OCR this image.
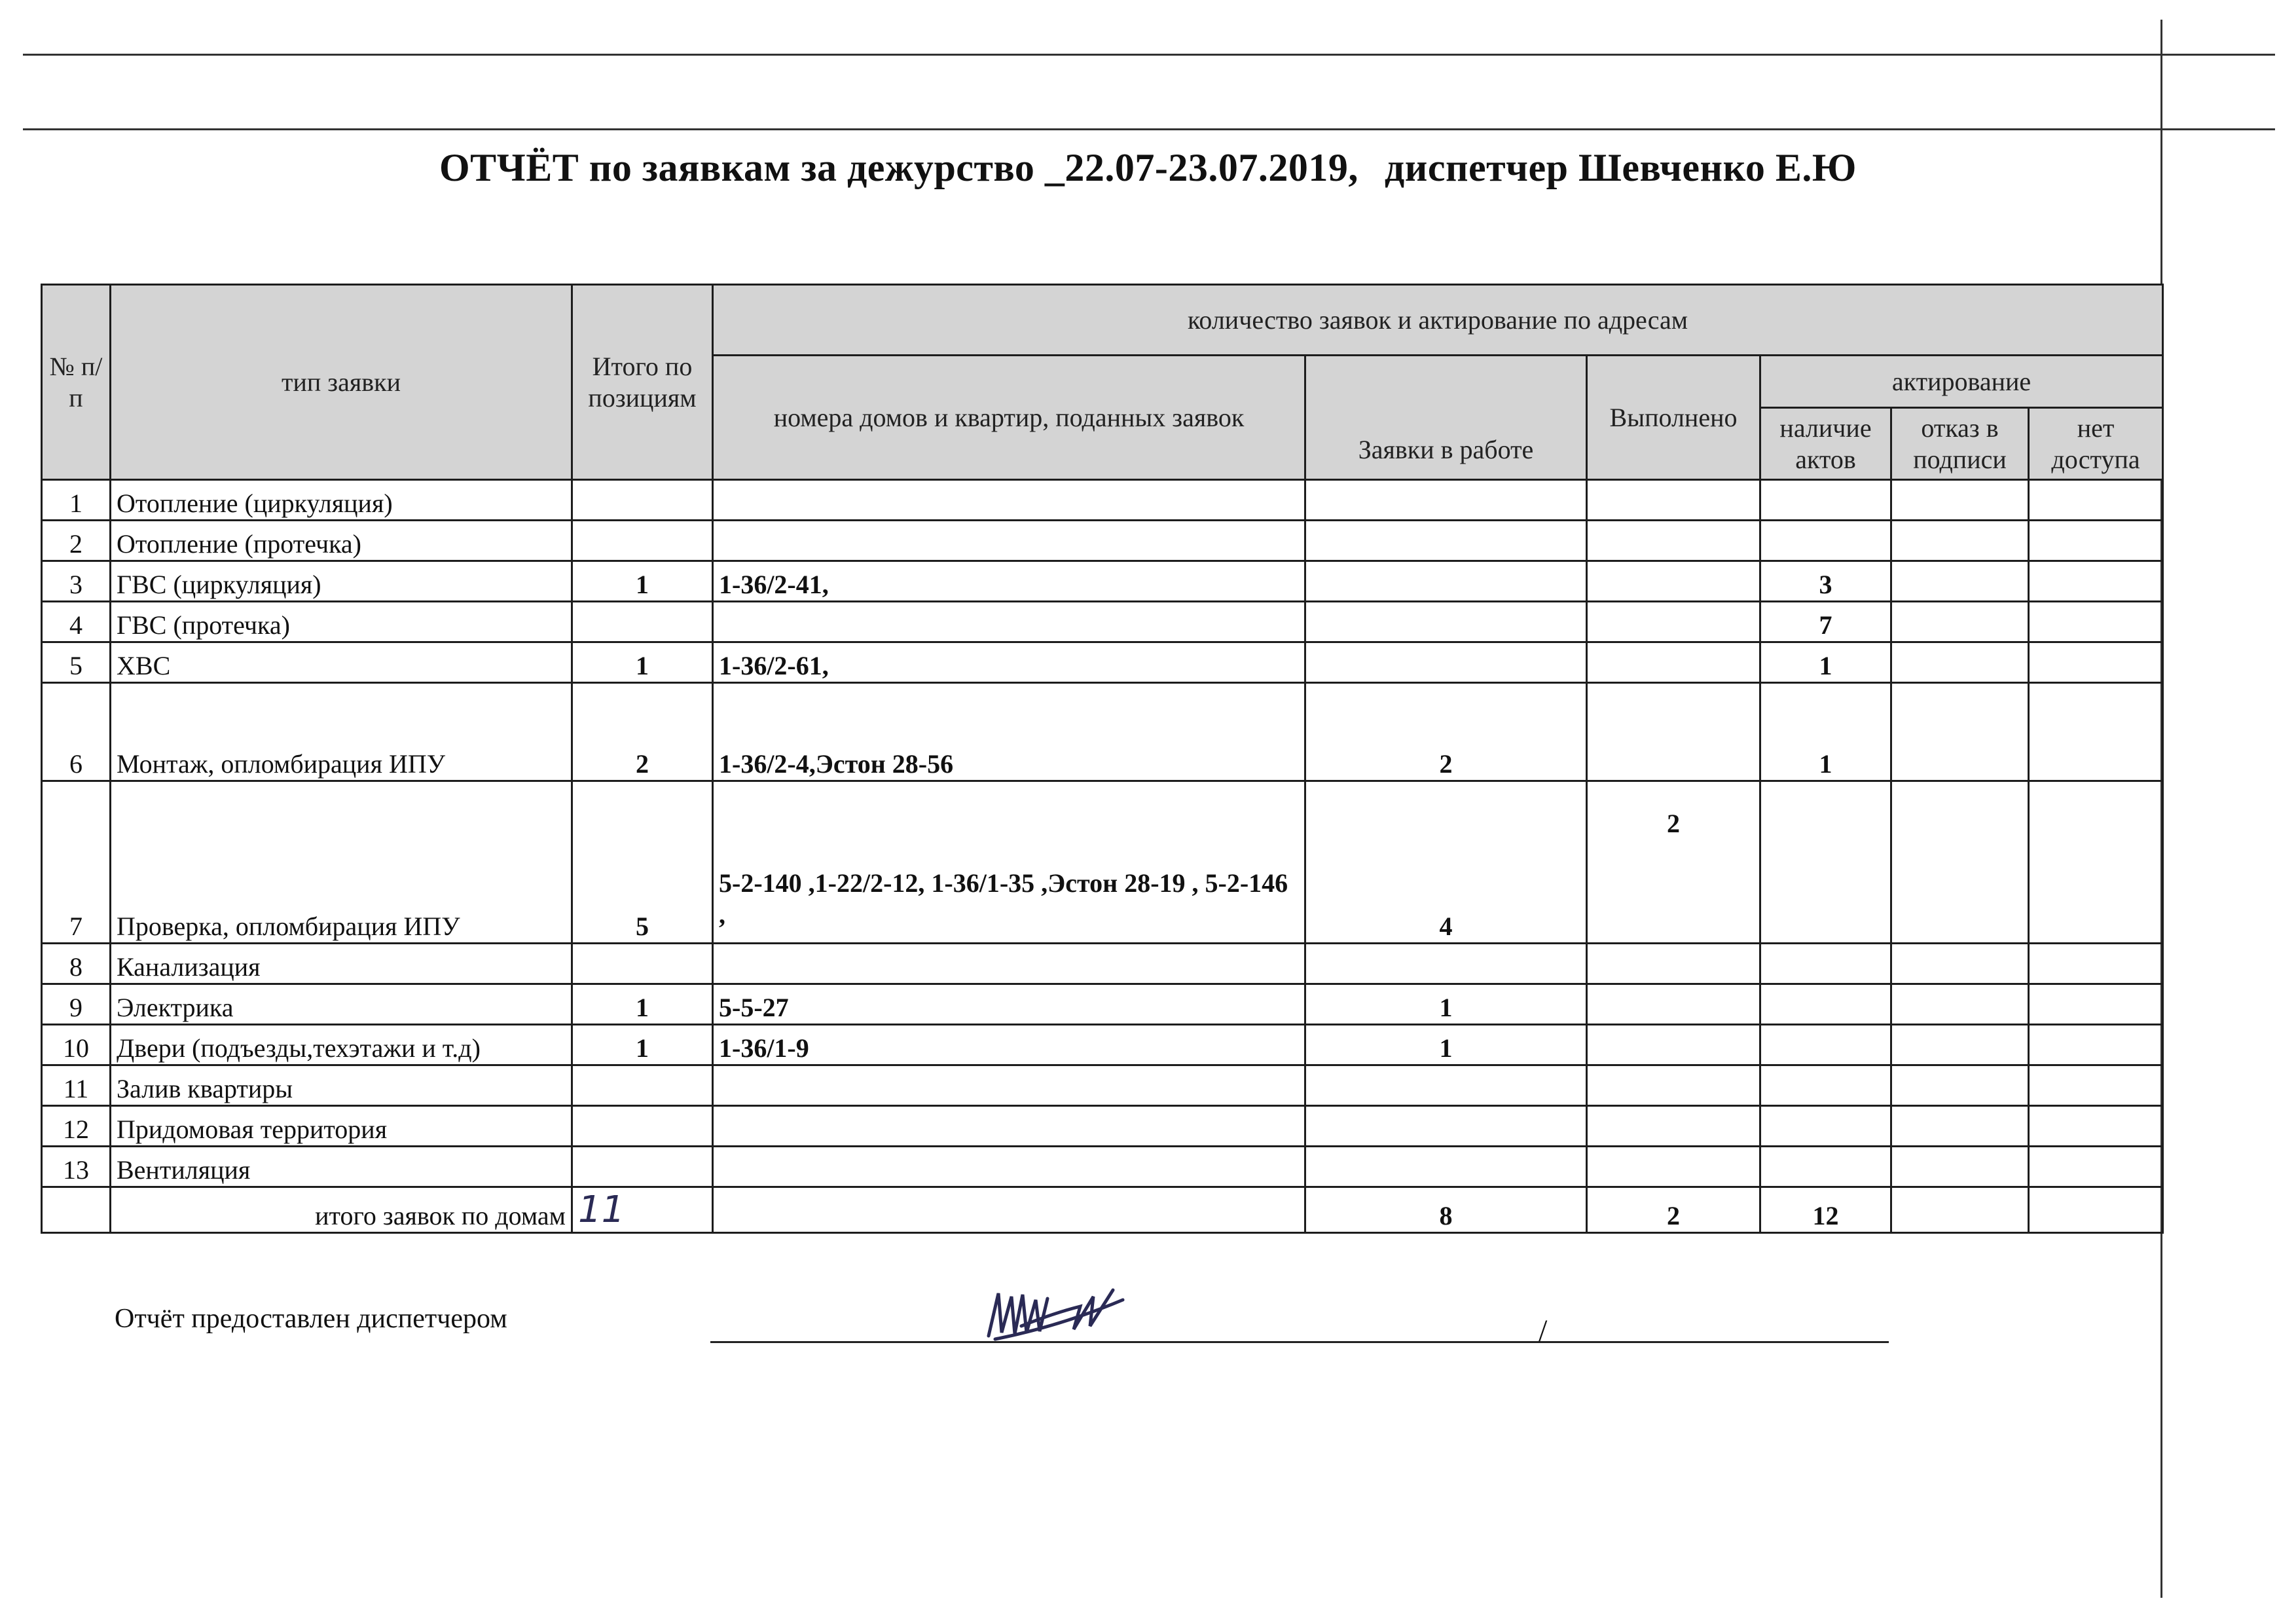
ОТЧЁТ по заявкам за дежурство _22.07-23.07.2019, диспетчер Шевченко Е.Ю
№ п/п	тип заявки	Итого по позициям	количество заявок и актирование по адресам					
			номера домов и квартир, поданных заявок	Заявки в работе	Выполнено	актирование		
						наличие актов	отказ в подписи	нет доступа
1	Отопление (циркуляция)							
2	Отопление (протечка)							
3	ГВС (циркуляция)	1	1-36/2-41,			3		
4	ГВС (протечка)					7		
5	ХВС	1	1-36/2-61,			1		
6	Монтаж, опломбирация ИПУ	2	1-36/2-4,Эстон 28-56	2		1		
7	Проверка, опломбирация ИПУ	5	5-2-140 ,1-22/2-12, 1-36/1-35 ,Эстон 28-19 , 5-2-146 ,	4	2			
8	Канализация							
9	Электрика	1	5-5-27	1				
10	Двери (подъезды,техэтажи и т.д)	1	1-36/1-9	1				
11	Залив квартиры							
12	Придомовая территория							
13	Вентиляция							
	итого заявок по домам	11		8	2	12		
Отчёт предоставлен диспетчером	/
